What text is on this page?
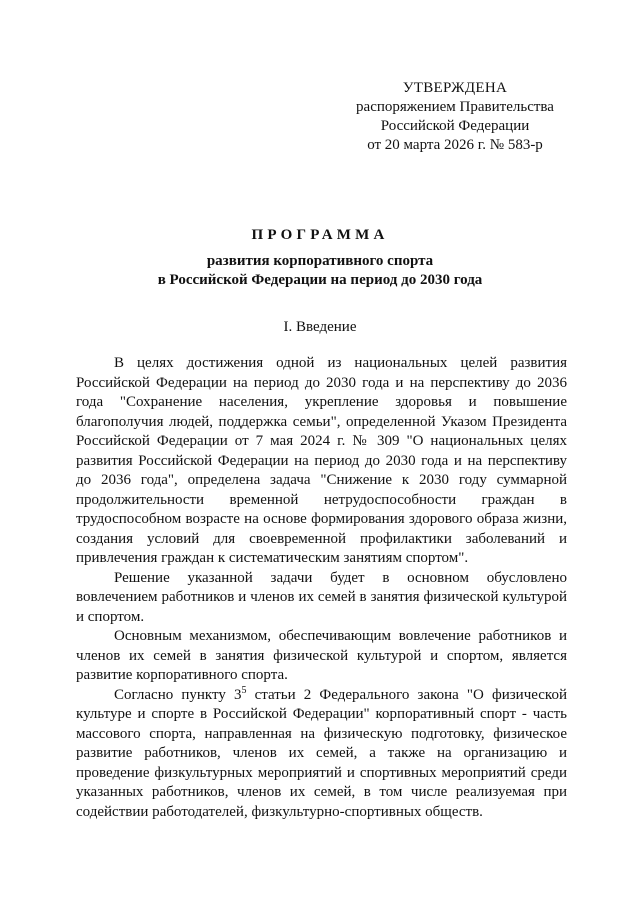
УТВЕРЖДЕНА
распоряжением Правительства
Российской Федерации
от 20 марта 2026 г. № 583-р
ПРОГРАММА
развития корпоративного спорта
в Российской Федерации на период до 2030 года
I. Введение

В целях достижения одной из национальных целей развития Российской Федерации на период до 2030 года и на перспективу до 2036 года "Сохранение населения, укрепление здоровья и повышение благополучия людей, поддержка семьи", определенной Указом Президента Российской Федерации от 7 мая 2024 г. № 309 "О национальных целях развития Российской Федерации на период до 2030 года и на перспективу до 2036 года", определена задача "Снижение к 2030 году суммарной продолжительности временной нетрудоспособности граждан в трудоспособном возрасте на основе формирования здорового образа жизни, создания условий для своевременной профилактики заболеваний и привлечения граждан к систематическим занятиям спортом".

Решение указанной задачи будет в основном обусловлено вовлечением работников и членов их семей в занятия физической культурой и спортом.

Основным механизмом, обеспечивающим вовлечение работников и членов их семей в занятия физической культурой и спортом, является развитие корпоративного спорта.

Согласно пункту $3^5$ статьи 2 Федерального закона "О физической культуре и спорте в Российской Федерации" корпоративный спорт - часть массового спорта, направленная на физическую подготовку, физическое развитие работников, членов их семей, а также на организацию и проведение физкультурных мероприятий и спортивных мероприятий среди указанных работников, членов их семей, в том числе реализуемая при содействии работодателей, физкультурно-спортивных обществ.
